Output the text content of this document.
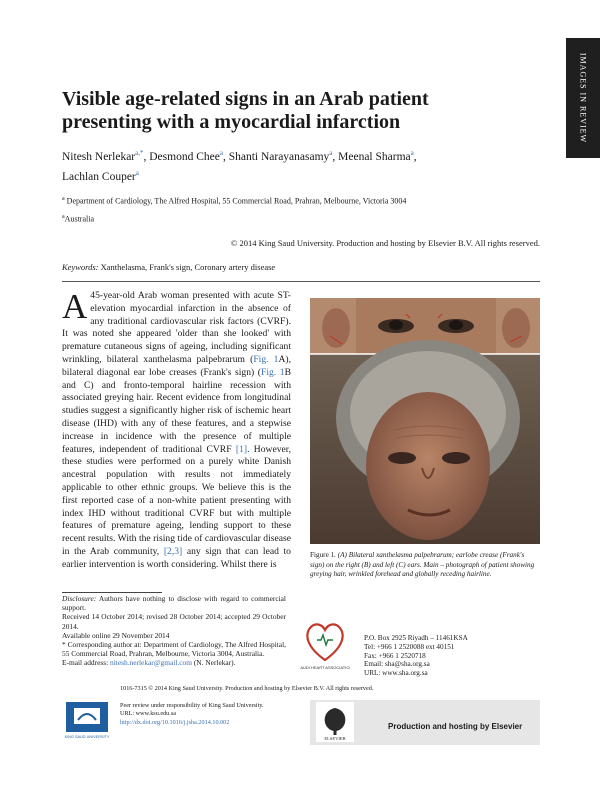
IMAGES IN REVIEW
Visible age-related signs in an Arab patient presenting with a myocardial infarction
Nitesh Nerlekar$^{a,*}$, Desmond Chee$^a$, Shanti Narayanasamy$^a$, Meenal Sharma$^a$,
Lachlan Couper$^a$
$^a$ Department of Cardiology, The Alfred Hospital, 55 Commercial Road, Prahran, Melbourne, Victoria 3004
$^a$Australia
© 2014 King Saud University. Production and hosting by Elsevier B.V. All rights reserved.
Keywords: Xanthelasma, Frank's sign, Coronary artery disease
A 45-year-old Arab woman presented with acute ST-elevation myocardial infarction in the absence of any traditional cardiovascular risk factors (CVRF). It was noted she appeared 'older than she looked' with premature cutaneous signs of ageing, including significant wrinkling, bilateral xanthelasma palpebrarum (Fig. 1A), bilateral diagonal ear lobe creases (Frank's sign) (Fig. 1B and C) and fronto-temporal hairline recession with associated greying hair. Recent evidence from longitudinal studies suggest a significantly higher risk of ischemic heart disease (IHD) with any of these features, and a stepwise increase in incidence with the presence of multiple features, independent of traditional CVRF [1]. However, these studies were performed on a purely white Danish ancestral population with results not immediately applicable to other ethnic groups. We believe this is the first reported case of a non-white patient presenting with index IHD without traditional CVRF but with multiple features of premature ageing, lending support to these recent results. With the rising tide of cardiovascular disease in the Arab community, [2,3] any sign that can lead to earlier intervention is worth considering. Whilst there is
Figure 1. (A) Bilateral xanthelasma palpebrarum; earlobe crease (Frank's sign) on the right (B) and left (C) ears. Main – photograph of patient showing greying hair, wrinkled forehead and globally receding hairline.

Disclosure: Authors have nothing to disclose with regard to commercial support.

Received 14 October 2014; revised 28 October 2014; accepted 29 October 2014.

Available online 29 November 2014

* Corresponding author at: Department of Cardiology, The Alfred Hospital, 55 Commercial Road, Prahran, Melbourne, Victoria 3004, Australia.

E-mail address: nitesh.nerlekar@gmail.com (N. Nerlekar).

SAUDI HEART ASSOCIATION
P.O. Box 2925 Riyadh – 11461KSA
Tel: +966 1 2520088 ext 40151
Fax: +966 1 2520718
Email: sha@sha.org.sa
URL: www.sha.org.sa
1016-7315 © 2014 King Saud University. Production and hosting by Elsevier B.V. All rights reserved.
KING SAUD UNIVERSITY
Peer review under responsibility of King Saud University.
URL: www.ksu.edu.sa
http://dx.doi.org/10.1016/j.jsha.2014.10.002
ELSEVIER
Production and hosting by Elsevier
